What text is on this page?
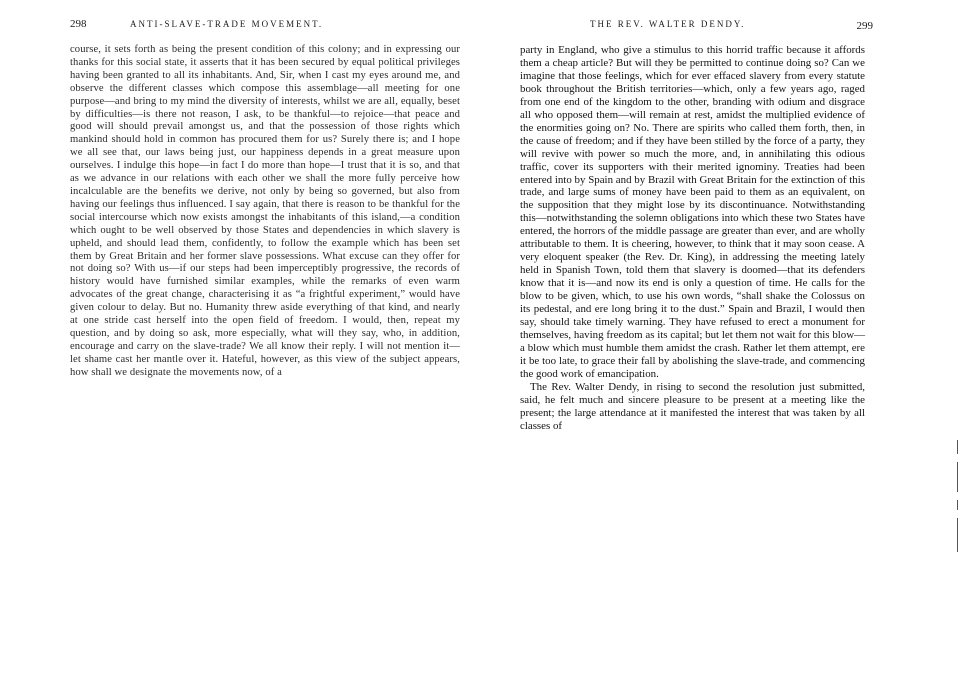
298	ANTI-SLAVE-TRADE MOVEMENT.

course, it sets forth as being the present condition of this colony; and in expressing our thanks for this social state, it asserts that it has been secured by equal political privileges having been granted to all its inhabitants. And, Sir, when I cast my eyes around me, and observe the different classes which compose this assemblage—all meeting for one purpose—and bring to my mind the diversity of interests, whilst we are all, equally, beset by difficulties—is there not reason, I ask, to be thankful—to rejoice—that peace and good will should prevail amongst us, and that the possession of those rights which mankind should hold in common has procured them for us? Surely there is; and I hope we all see that, our laws being just, our happiness depends in a great measure upon ourselves. I indulge this hope—in fact I do more than hope—I trust that it is so, and that as we advance in our relations with each other we shall the more fully perceive how incalculable are the benefits we derive, not only by being so governed, but also from having our feelings thus influenced. I say again, that there is reason to be thankful for the social intercourse which now exists amongst the inhabitants of this island,—a condition which ought to be well observed by those States and dependencies in which slavery is upheld, and should lead them, confidently, to follow the example which has been set them by Great Britain and her former slave possessions. What excuse can they offer for not doing so? With us—if our steps had been imperceptibly progressive, the records of history would have furnished similar examples, while the remarks of even warm advocates of the great change, characterising it as “a frightful experiment,” would have given colour to delay. But no. Humanity threw aside everything of that kind, and nearly at one stride cast herself into the open field of freedom. I would, then, repeat my question, and by doing so ask, more especially, what will they say, who, in addition, encourage and carry on the slave-trade? We all know their reply. I will not mention it—let shame cast her mantle over it. Hateful, however, as this view of the subject appears, how shall we designate the movements now, of a

THE REV. WALTER DENDY.	299

party in England, who give a stimulus to this horrid traffic because it affords them a cheap article? But will they be permitted to continue doing so? Can we imagine that those feelings, which for ever effaced slavery from every statute book throughout the British territories—which, only a few years ago, raged from one end of the kingdom to the other, branding with odium and disgrace all who opposed them—will remain at rest, amidst the multiplied evidence of the enormities going on? No. There are spirits who called them forth, then, in the cause of freedom; and if they have been stilled by the force of a party, they will revive with power so much the more, and, in annihilating this odious traffic, cover its supporters with their merited ignominy. Treaties had been entered into by Spain and by Brazil with Great Britain for the extinction of this trade, and large sums of money have been paid to them as an equivalent, on the supposition that they might lose by its discontinuance. Notwithstanding this—notwithstanding the solemn obligations into which these two States have entered, the horrors of the middle passage are greater than ever, and are wholly attributable to them. It is cheering, however, to think that it may soon cease. A very eloquent speaker (the Rev. Dr. King), in addressing the meeting lately held in Spanish Town, told them that slavery is doomed—that its defenders know that it is—and now its end is only a question of time. He calls for the blow to be given, which, to use his own words, “shall shake the Colossus on its pedestal, and ere long bring it to the dust.” Spain and Brazil, I would then say, should take timely warning. They have refused to erect a monument for themselves, having freedom as its capital; but let them not wait for this blow—a blow which must humble them amidst the crash. Rather let them attempt, ere it be too late, to grace their fall by abolishing the slave-trade, and commencing the good work of emancipation.

The Rev. Walter Dendy, in rising to second the resolution just submitted, said, he felt much and sincere pleasure to be present at a meeting like the present; the large attendance at it manifested the interest that was taken by all classes of
